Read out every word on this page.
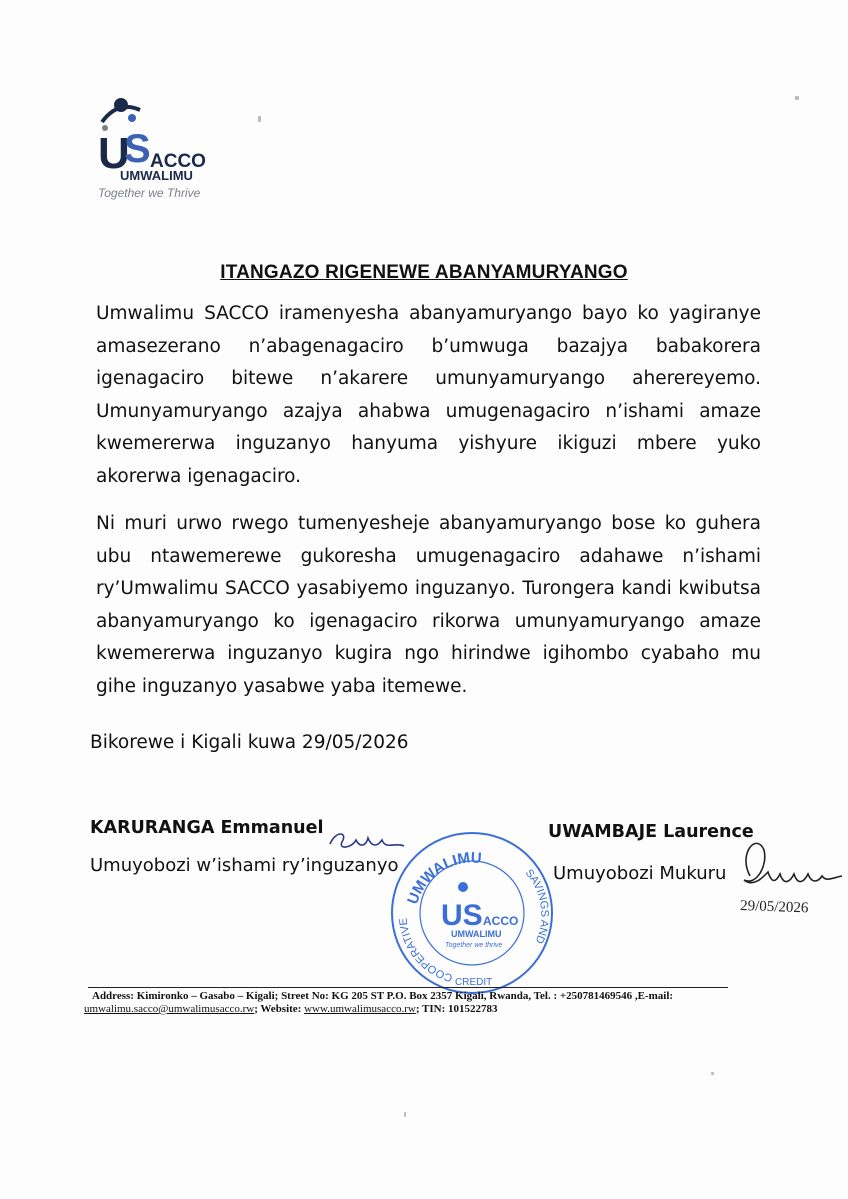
U
S ACCO
UMWALIMU
Together we Thrive
ITANGAZO RIGENEWE ABANYAMURYANGO

Umwalimu SACCO iramenyesha abanyamuryango bayo ko yagiranye amasezerano n’abagenagaciro b’umwuga bazajya babakorera igenagaciro bitewe n’akarere umunyamuryango aherereyemo. Umunyamuryango azajya ahabwa umugenagaciro n’ishami amaze kwemererwa inguzanyo hanyuma yishyure ikiguzi mbere yuko akorerwa igenagaciro.

Ni muri urwo rwego tumenyesheje abanyamuryango bose ko guhera ubu ntawemerewe gukoresha umugenagaciro adahawe n’ishami ry’Umwalimu SACCO yasabiyemo inguzanyo. Turongera kandi kwibutsa abanyamuryango ko igenagaciro rikorwa umunyamuryango amaze kwemererwa inguzanyo kugira ngo hirindwe igihombo cyabaho mu gihe inguzanyo yasabwe yaba itemewe.

Bikorewe i Kigali kuwa 29/05/2026
KARURANGA Emmanuel
Umuyobozi w’ishami ry’inguzanyo
UWAMBAJE Laurence
Umuyobozi Mukuru
29/05/2026
UMWALIMU
COOPERATIVE
SAVINGS AND
CREDIT
US ACCO
UMWALIMU
Together we thrive
Address: Kimironko – Gasabo – Kigali; Street No: KG 205 ST P.O. Box 2357 Kigali, Rwanda, Tel. : +250781469546 ,E-mail:
umwalimu.sacco@umwalimusacco.rw; Website: www.umwalimusacco.rw; TIN: 101522783
